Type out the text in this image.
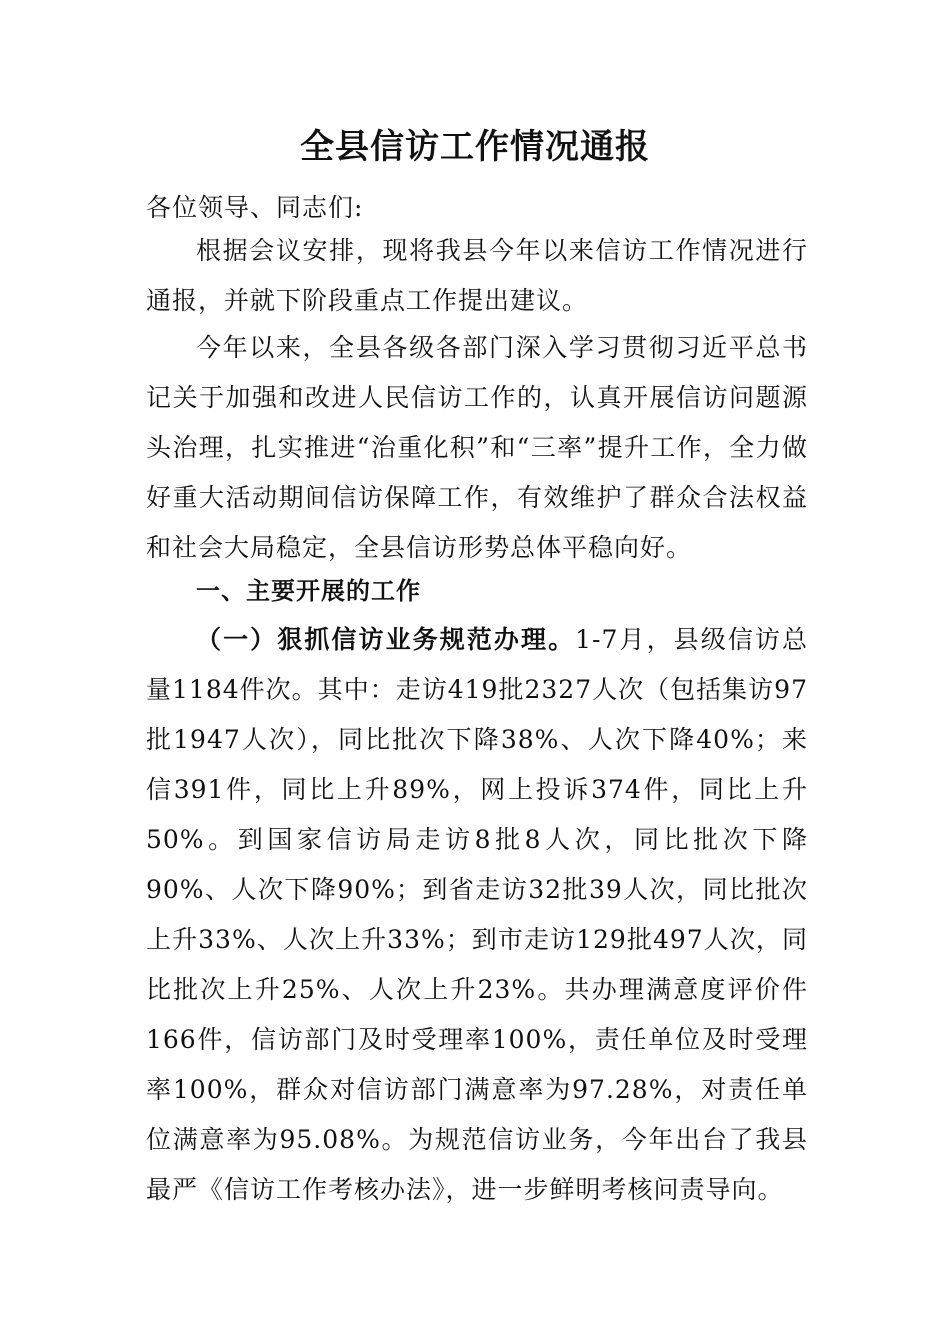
全县信访工作情况通报
各位领导、同志们:
根据会议安排，现将我县今年以来信访工作情况进行通报，并就下阶段重点工作提出建议。
今年以来，全县各级各部门深入学习贯彻习近平总书记关于加强和改进人民信访工作的，认真开展信访问题源头治理，扎实推进“治重化积”和“三率”提升工作，全力做好重大活动期间信访保障工作，有效维护了群众合法权益和社会大局稳定，全县信访形势总体平稳向好。
一、主要开展的工作
（一）狠抓信访业务规范办理。1-7月，县级信访总量1184件次。其中：走访419批2327人次（包括集访97批1947人次），同比批次下降38%、人次下降40%；来信391件，同比上升89%，网上投诉374件，同比上升50%。到国家信访局走访8批8人次，同比批次下降90%、人次下降90%；到省走访32批39人次，同比批次上升33%、人次上升33%；到市走访129批497人次，同比批次上升25%、人次上升23%。共办理满意度评价件166件，信访部门及时受理率100%，责任单位及时受理率100%，群众对信访部门满意率为97.28%，对责任单位满意率为95.08%。为规范信访业务，今年出台了我县最严《信访工作考核办法》，进一步鲜明考核问责导向。
